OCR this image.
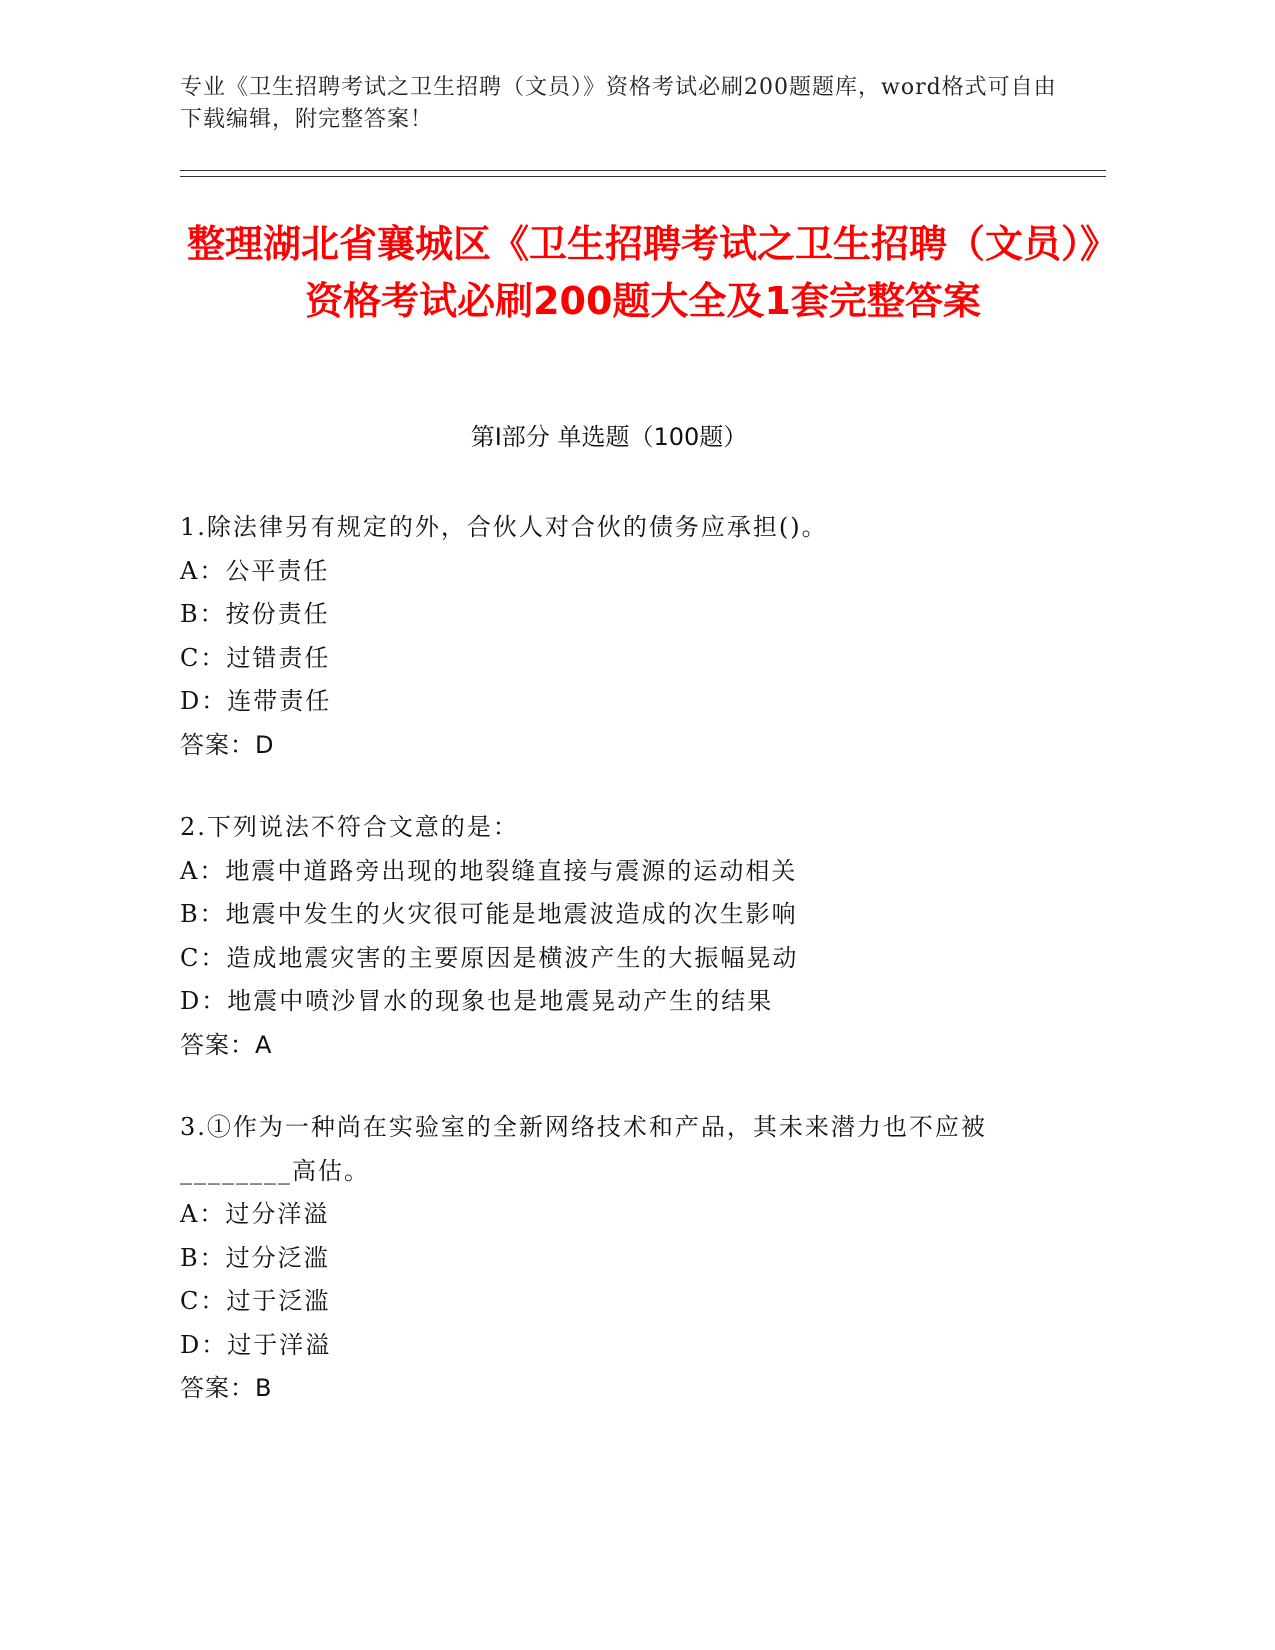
专业《卫生招聘考试之卫生招聘（文员）》资格考试必刷200题题库，word格式可自由下载编辑，附完整答案！
整理湖北省襄城区《卫生招聘考试之卫生招聘（文员）》资格考试必刷200题大全及1套完整答案
第I部分 单选题（100题）

1.除法律另有规定的外，合伙人对合伙的债务应承担()。

A：公平责任

B：按份责任

C：过错责任

D：连带责任

答案：D

2.下列说法不符合文意的是：

A：地震中道路旁出现的地裂缝直接与震源的运动相关

B：地震中发生的火灾很可能是地震波造成的次生影响

C：造成地震灾害的主要原因是横波产生的大振幅晃动

D：地震中喷沙冒水的现象也是地震晃动产生的结果

答案：A

3.①作为一种尚在实验室的全新网络技术和产品，其未来潜力也不应被________高估。

A：过分洋溢

B：过分泛滥

C：过于泛滥

D：过于洋溢

答案：B
